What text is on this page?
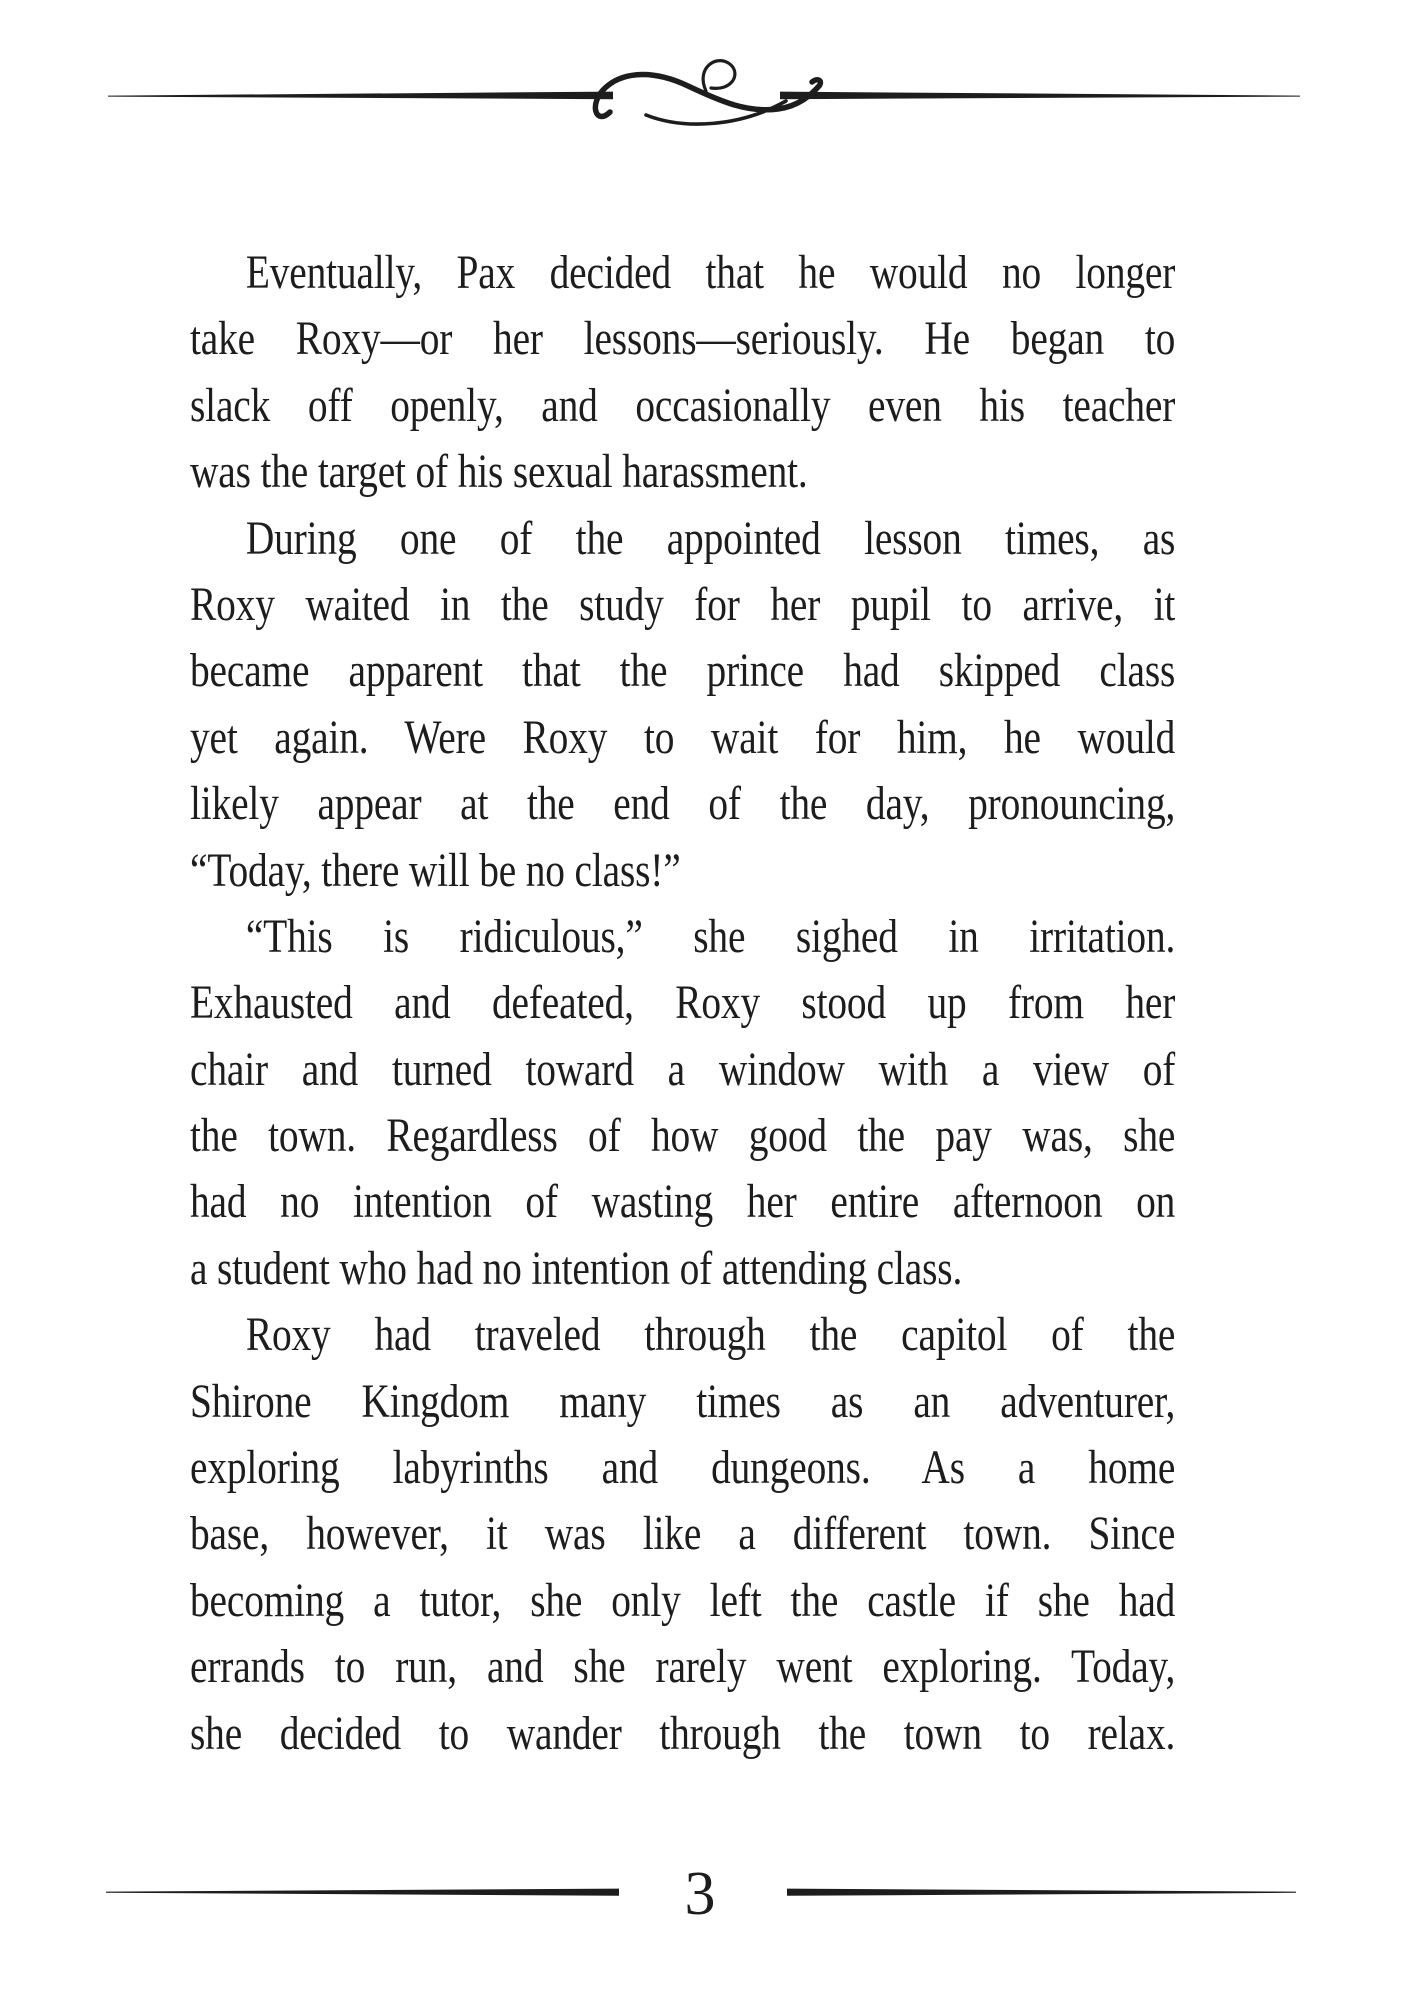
Eventually, Pax decided that he would no longer
take Roxy—or her lessons—seriously. He began to
slack off openly, and occasionally even his teacher
was the target of his sexual harassment.
During one of the appointed lesson times, as
Roxy waited in the study for her pupil to arrive, it
became apparent that the prince had skipped class
yet again. Were Roxy to wait for him, he would
likely appear at the end of the day, pronouncing,
“Today, there will be no class!”
“This is ridiculous,” she sighed in irritation.
Exhausted and defeated, Roxy stood up from her
chair and turned toward a window with a view of
the town. Regardless of how good the pay was, she
had no intention of wasting her entire afternoon on
a student who had no intention of attending class.
Roxy had traveled through the capitol of the
Shirone Kingdom many times as an adventurer,
exploring labyrinths and dungeons. As a home
base, however, it was like a different town. Since
becoming a tutor, she only left the castle if she had
errands to run, and she rarely went exploring. Today,
she decided to wander through the town to relax.
3
